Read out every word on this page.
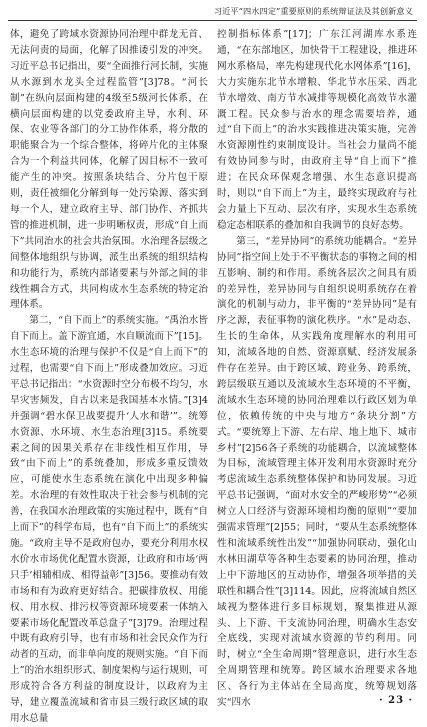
习近平“四水四定”重要原则的系统辩证法及其创新意义

体，避免了跨域水资源协同治理中群龙无首、无法问责的局面，化解了因推诿引发的冲突。习近平总书记指出，要“全面推行河长制，实施从水源到水龙头全过程监管”[3]78。“河长制”在纵向层面构建的4级至5级河长体系，在横向层面构建的以党委政府主导，水利、环保、农业等各部门的分工协作体系，将分散的职能聚合为一个综合整体，将碎片化的主体聚合为一个利益共同体，化解了因目标不一致可能产生的冲突。按照条块结合、分片包干原则，责任被细化分解到每一处污染源、落实到每一个人，建立政府主导、部门协作、齐抓共管的推进机制，进一步明晰权责，形成“自上而下”共同治水的社会共治氛围。水治理各层级之间整体地组织与协调，派生出系统的组织结构和功能行为，系统内部诸要素与外部之间的非线性耦合方式，共同构成水生态系统的特定治理体系。

第二，“自下而上”的系统实施。“禹治水皆自下而上。盖下游宜通，水自顺流而下”[15]。水生态环境的治理与保护不仅是“自上而下”的过程，也需要“自下而上”形成叠加效应。习近平总书记指出：“水资源时空分布极不均匀，水旱灾害频发，自古以来是我国基本水情。”[3]4并强调“碧水保卫战要提升‘人水和谐’”。统筹水资源、水环境、水生态治理[3]15。系统要素之间的因果关系存在非线性相互作用，导致“由下而上”的系统叠加，形成多重反馈效应，可能使水生态系统在演化中出现多种偏差。水治理的有效性取决于社会参与机制的完善，在我国水治理政策的实施过程中，既有“自上而下”的科学布局，也有“自下而上”的系统实施。“政府主导不是政府包办，要充分利用水权水价水市场优化配置水资源，让政府和市场‘两只手’相辅相成、相得益彰”[3]56。要推动有效市场和有为政府更好结合。把碳排放权、用能权、用水权、排污权等资源环境要素一体纳入要素市场化配置改革总盘子”[3]79。治理过程中既有政府引导，也有市场和社会民众作为行动者的互动，而非单向度的规则实施。“自下而上”的治水组织形式、制度架构与运行规则，可形成符合各方利益的制度设计，以政府为主导，建立覆盖流域和省市县三级行政区域的取用水总量

控制指标体系”[17]；广东江河湖库水系连通，“在东部地区，加快骨干工程建设，推进环网水系格局，率先构建现代化水网体系”[16]，大力实施东北节水增粮、华北节水压采、西北节水增效、南方节水减排等规模化高效节水灌溉工程。民众参与治水的理念需要培养，通过“自下而上”的治水实践推进决策实施，完善水资源刚性约束制度设计。当社会力量尚不能有效协同参与时，由政府主导“自上而下”推进；在民众环保观念增强、水生态意识提高时，则以“自下而上”为主，最终实现政府与社会力量上下互动、层次有序，实现水生态系统稳定态相联系的叠加和自我调节的良好态势。

第三，“差异协同”的系统功能耦合。“差异协同”指空间上处于不平衡状态的事物之间的相互影响、制约和作用。系统各层次之间具有质的差异性，差异协同与自组织说明系统存在着演化的机制与动力，非平衡的“差异协同”是有序之源，表征事物的演化秩序。“水”是动态、生长的生命体，从实践角度理解水的利用可知，流域各地的自然、资源禀赋、经济发展条件存在差异。由于跨区域、跨业务、跨系统，跨层级联互通以及流域水生态环境的不平衡，流域水生态环境的协同治理难以行政区划为单位，依赖传统的中央与地方“条块分割”方式。“要统筹上下游、左右岸、地上地下、城市乡村”[2]56各子系统的功能耦合，以流域整体为目标，流域管理主体开发利用水资源时充分考虑流域生态系统整体保护和协同发展。习近平总书记强调，“面对水安全的严峻形势”“必须树立人口经济与资源环境相均衡的原则”“要加强需求管理”[2]55；同时，“要从生态系统整体性和流域系统性出发”“加强协同联动，强化山水林田湖草等各种生态要素的协同治理，推动上中下游地区的互动协作，增强各项举措的关联性和耦合性”[3]114。因此，应将流域自然区域视为整体进行多目标规划，聚集推进从源头、上下游、干支流协同治理，明确水生态安全底线，实现对流域水资源的节约利用。同时，树立“全生命周期”管理意识，进行水生态全周期管理和统筹。跨区域水治理要求各地区、各行为主体站在全局高度，统筹规划落实“四水	· 23 ·
